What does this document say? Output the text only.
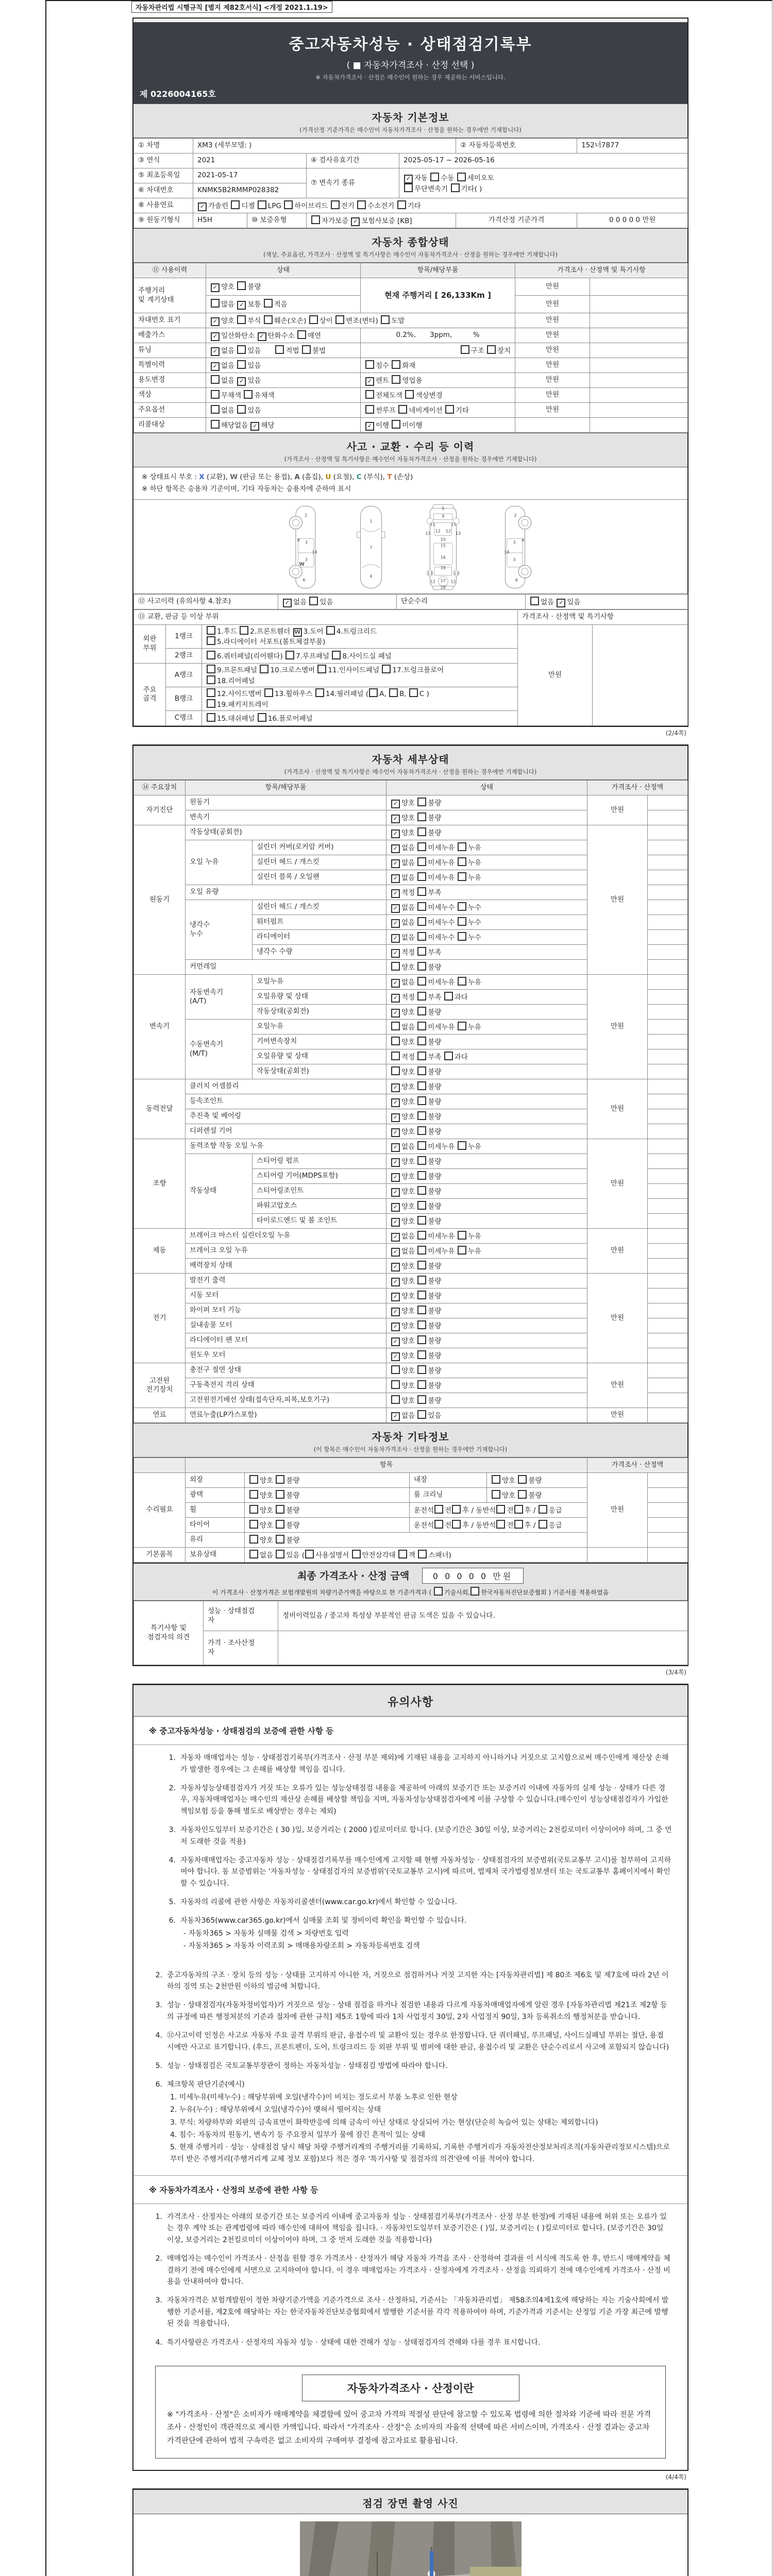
자동차관리법 시행규칙 [별지 제82호서식] <개정 2021.1.19>
중고자동차성능 · 상태점검기록부
( ■ 자동차가격조사 · 산정 선택 )
※ 자동차가격조사 · 산정은 매수인이 원하는 경우 제공하는 서비스입니다.
제 0226004165호
자동차 기본정보

(가격산정 기준가격은 매수인이 자동차가격조사 · 산정을 원하는 경우에만 기재합니다)

① 차명	XM3 (세부모델: )				② 자동차등록번호	152너7877
③ 연식	2021		④ 검사유효기간	2025-05-17 ~ 2026-05-16		
⑤ 최초등록일	2021-05-17		⑦ 변속기 종류	✓ 자동 수동 세미오토
무단변속기 기타( )		
⑥ 차대번호	KNMK5B2RMMP028382					
⑧ 사용연료	✓ 가솔린 디젤 LPG 하이브리드 전기 수소전기 기타					
⑨ 원동기형식	H5H	⑩ 보증유형	자가보증 ✓ 보험사보증 [KB]		가격산정 기준가격	0 0 0 0 0 만원
자동차 종합상태

(색상, 주요옵션, 가격조사 · 산정액 및 특기사항은 매수인이 자동차가격조사 · 산정을 원하는 경우에만 기재합니다)

⑪ 사용이력	상태	항목/해당부품	가격조사 · 산정액 및 특기사항	
주행거리
및 계기상태	✓ 양호 불량	현재 주행거리 [ 26,133Km ]	만원	
	많음 ✓ 보통 적음		만원	
차대번호 표기	✓ 양호 부식 훼손(오손) 상이 변조(변타) 도말		만원	
배출가스	✓ 일산화탄소 ✓ 탄화수소 매연	0.2%,　　3ppm,　　　%	만원	
튜닝	✓ 없음 있음　　적법 불법	구조 장치	만원	
특별이력	✓ 없음 있음	침수 화재	만원	
용도변경	없음 ✓ 있음	✓ 렌트 영업용	만원	
색상	무채색 유채색	전체도색 색상변경	만원	
주요옵션	없음 있음	썬루프 네비게이션 기타	만원	
리콜대상	해당없음 ✓ 해당	✓ 이행 미이행		
사고 · 교환 · 수리 등 이력

(가격조사 · 산정액 및 특기사항은 매수인이 자동차가격조사 · 산정을 원하는 경우에만 기재합니다)

※ 상태표시 부호 : X (교환), W (판금 또는 용접), A (흠집), U (요철), C (부식), T (손상)
※ 하단 항목은 승용차 기준이며, 기타 자동차는 승용차에 준하여 표시
2
8 3
14
3
6
W
1
7
4
5
9
11	11
13	13
12 12
10
15
16
19
13	13
12	12
17
18
2
8
3
14
3
6
⑫ 사고이력 (유의사항 4.참조)	✓ 없음 있음	단순수리	없음 ✓ 있음
⑬ 교환, 판금 등 이상 부위			가격조사 · 산정액 및 특기사항	
외판
부위	1랭크	1.후드 2.프론트휀더 W 3.도어 4.트렁크리드
5.라디에이터 서포트(볼트체결부품)	만원	
	2랭크	6.쿼터패널(리어휀다) 7.루프패널 8.사이드실 패널		
주요
골격	A랭크	9.프론트패널 10.크로스멤버 11.인사이드패널 17.트렁크플로어
18.리어패널		
	B랭크	12.사이드멤버 13.휠하우스 14.필러패널 ( A, B, C )
19.패키지트레이		
	C랭크	15.대쉬패널 16.플로어패널		
(2/4쪽)
자동차 세부상태

(가격조사 · 산정액 및 특기사항은 매수인이 자동차가격조사 · 산정을 원하는 경우에만 기재합니다)

⑭ 주요장치	항목/해당부품		상태	가격조사 · 산정액	
자기진단	원동기		✓ 양호 불량	만원	
	변속기		✓ 양호 불량		
원동기	작동상태(공회전)		✓ 양호 불량	만원	
	오일 누유	실린더 커버(로커암 커버)	✓ 없음 미세누유 누유		
		실린더 헤드 / 개스킷	✓ 없음 미세누유 누유		
		실린더 블록 / 오일팬	✓ 없음 미세누유 누유		
	오일 유량		✓ 적정 부족		
	냉각수
누수	실린더 헤드 / 개스킷	✓ 없음 미세누수 누수		
		워터펌프	✓ 없음 미세누수 누수		
		라디에이터	✓ 없음 미세누수 누수		
		냉각수 수량	✓ 적정 부족		
	커먼레일		양호 불량		
변속기	자동변속기
(A/T)	오일누유	✓ 없음 미세누유 누유	만원	
		오일유량 및 상태	✓ 적정 부족 과다		
		작동상태(공회전)	✓ 양호 불량		
	수동변속기
(M/T)	오일누유	없음 미세누유 누유		
		기어변속장치	양호 불량		
		오일유량 및 상태	적정 부족 과다		
		작동상태(공회전)	양호 불량		
동력전달	클러치 어셈블리		✓ 양호 불량	만원	
	등속조인트		✓ 양호 불량		
	추진축 및 베어링		✓ 양호 불량		
	디퍼렌셜 기어		✓ 양호 불량		
조향	동력조향 작동 오일 누유		✓ 없음 미세누유 누유	만원	
	작동상태	스티어링 펌프	✓ 양호 불량		
		스티어링 기어(MDPS포함)	✓ 양호 불량		
		스티어링조인트	✓ 양호 불량		
		파워고압호스	✓ 양호 불량		
		타이로드엔드 및 볼 조인트	✓ 양호 불량		
제동	브레이크 마스터 실린더오일 누유		✓ 없음 미세누유 누유	만원	
	브레이크 오일 누유		✓ 없음 미세누유 누유		
	배력장치 상태		✓ 양호 불량		
전기	발전기 출력		✓ 양호 불량	만원	
	시동 모터		✓ 양호 불량		
	와이퍼 모터 기능		✓ 양호 불량		
	실내송풍 모터		✓ 양호 불량		
	라디에이터 팬 모터		✓ 양호 불량		
	윈도우 모터		✓ 양호 불량		
고전원
전기장치	충전구 절연 상태		양호 불량	만원	
	구동축전지 격리 상태		양호 불량		
	고전원전기배선 상태(접속단자,피복,보호기구)		양호 불량		
연료	연료누출(LP가스포함)		✓ 없음 있음	만원	
자동차 기타정보

(이 항목은 매수인이 자동차가격조사 · 산정을 원하는 경우에만 기재합니다)

	항목				가격조사 · 산정액	
수리필요	외장	양호 불량	내장	양호 불량	만원	
	광택	양호 불량	룸 크리닝	양호 불량		
	휠	양호 불량	운전석 전 후 / 동반석 전 후 / 응급			
	타이어	양호 불량	운전석 전 후 / 동반석 전 후 / 응급			
	유리	양호 불량				
기본품목	보유상태	없음 있음 ( 사용설명서 안전삼각대 잭 스패너)				
최종 가격조사 · 산정 금액	0 0 0 0 0 만원
이 가격조사 · 산정가격은 보험개발원의 차량기준가액을 바탕으로 한 기준가격과 ( 기술사회, 한국자동차진단보증협회 ) 기준서를 적용하였음
특기사항 및
점검자의 의견	성능 · 상태점검
자	정비이력있음 / 중고차 특성상 부분적인 판금 도색은 있을 수 있습니다.
	가격 · 조사산정
자	
(3/4쪽)
유의사항
※ 중고자동차성능 · 상태점검의 보증에 관한 사항 등
1. 자동차 매매업자는 성능 · 상태점검기록부(가격조사 · 산정 부분 제외)에 기재된 내용을 고지하지 아니하거나 거짓으로 고지함으로써 매수인에게 재산상 손해가 발생한 경우에는 그 손해를 배상할 책임을 집니다.
2. 자동차성능상태점검자가 거짓 또는 오류가 있는 성능상태점검 내용을 제공하여 아래의 보증기간 또는 보증거리 이내에 자동차의 실제 성능 · 상태가 다른 경우, 자동차매매업자는 매수인의 재산상 손해를 배상할 책임을 지며, 자동차성능상태점검자에게 이를 구상할 수 있습니다.(매수인이 성능상태점검자가 가입한 책임보험 등을 통해 별도로 배상받는 경우는 제외)
3. 자동차인도일부터 보증기간은 ( 30 )일, 보증거리는 ( 2000 )킬로미터로 합니다. (보증기간은 30일 이상, 보증거리는 2천킬로미터 이상이어야 하며, 그 중 먼저 도래한 것을 적용)
4. 자동차매매업자는 중고자동차 성능 · 상태점검기록부를 매수인에게 고지할 때 현행 자동차성능 · 상태점검자의 보증범위(국토교통부 고시)를 첨부하여 고지하여야 합니다. 동 보증범위는 '자동차성능 · 상태점검자의 보증범위'(국토교통부 고시)에 따르며, 법제처 국가법령정보센터 또는 국토교통부 홈페이지에서 확인할 수 있습니다.
5. 자동차의 리콜에 관한 사항은 자동차리콜센터(www.car.go.kr)에서 확인할 수 있습니다.
6. 자동차365(www.car365.go.kr)에서 실매물 조회 및 정비이력 확인을 확인할 수 있습니다.
- 자동차365 > 자동차 실매물 검색 > 차량번호 입력
- 자동차365 > 자동차 이력조회 > 매매용차량조회 > 자동차등록번호 검색
2. 중고자동차의 구조 · 장치 등의 성능 · 상태를 고지하지 아니한 자, 거짓으로 점검하거나 거짓 고지한 자는 [자동차관리법] 제 80조 제6호 및 제7호에 따라 2년 이하의 징역 또는 2천만원 이하의 벌금에 처합니다.
3. 성능 · 상태점검자(자동차정비업자)가 거짓으로 성능 · 상태 점검을 하거나 점검한 내용과 다르게 자동차매매업자에게 알린 경우 [자동차관리법 제21조 제2항 등의 규정에 따른 행정처분의 기준과 절차에 관한 규칙] 제5조 1항에 따라 1차 사업정지 30일, 2차 사업정지 90일, 3차 등록취소의 행정처분을 받습니다.
4. ⑫사고이력 인정은 사고로 자동차 주요 골격 부위의 판금, 용접수리 및 교환이 있는 경우로 한정합니다. 단 쿼터패널, 루프패널, 사이드실패널 부위는 절단, 용접 시에만 사고로 표기합니다. (후드, 프론트펜더, 도어, 트렁크리드 등 외판 부위 및 범퍼에 대한 판금, 용접수리 및 교환은 단순수리로서 사고에 포함되지 않습니다)
5. 성능 · 상태점검은 국토교통부장관이 정하는 자동차성능 · 상태점검 방법에 따라야 합니다.
6. 체크항목 판단기준(예시)
1. 미세누유(미세누수) : 해당부위에 오일(냉각수)이 비치는 정도로서 부품 노후로 인한 현상
2. 누유(누수) : 해당부위에서 오일(냉각수)이 맺혀서 떨어지는 상태
3. 부식: 차량하부와 외판의 금속표면이 화학반응에 의해 금속이 아닌 상태로 상실되어 가는 현상(단순히 녹슬어 있는 상태는 제외합니다)
4. 침수: 자동차의 원동기, 변속기 등 주요장치 일부가 물에 잠긴 흔적이 있는 상태
5. 현재 주행거리 · 성능 · 상태점검 당시 해당 차량 주행거리계의 주행거리를 기록하되, 기록한 주행거리가 자동차전산정보처리조직(자동차관리정보시스템)으로부터 받은 주행거리(주행거리계 교체 정보 포함)보다 적은 경우 '특기사항 및 점검자의 의견'란에 이를 적어야 합니다.
※ 자동차가격조사 · 산정의 보증에 관한 사항 등
1. 가격조사 · 산정자는 아래의 보증기간 또는 보증거리 이내에 중고자동차 성능 · 상태점검기록부(가격조사 · 산정 부분 한정)에 기재된 내용에 허위 또는 오류가 있는 경우 계약 또는 관계법령에 따라 매수인에 대하여 책임을 집니다. · 자동차인도일부터 보증기간은 ( )일, 보증거리는 ( )킬로미터로 합니다. (보증기간은 30일 이상, 보증거리는 2천킬로미터 이상이어야 하며, 그 중 먼저 도래한 것을 적용합니다)
2. 매매업자는 매수인이 가격조사 · 산정을 원할 경우 가격조사 · 산정자가 해당 자동차 가격을 조사 · 산정하여 결과를 이 서식에 적도록 한 후, 반드시 매매계약을 체결하기 전에 매수인에게 서면으로 고지하여야 합니다. 이 경우 매매업자는 가격조사 · 산정자에게 가격조사 · 산정을 의뢰하기 전에 매수인에게 가격조사 · 산정 비용을 안내하여야 합니다.
3. 자동차가격은 보험개발원이 정한 차량기준가액을 기준가격으로 조사 · 산정하되, 기준서는 「자동차관리법」 제58조의4제1호에 해당하는 자는 기술사회에서 발행한 기준서를, 제2호에 해당하는 자는 한국자동차진단보증협회에서 발행한 기준서를 각각 적용하여야 하며, 기준가격과 기준서는 산정일 기준 가장 최근에 발행된 것을 적용합니다.
4. 특기사항란은 가격조사 · 산정자의 자동차 성능 · 상태에 대한 견해가 성능 · 상태점검자의 견해와 다를 경우 표시합니다.
자동차가격조사 · 산정이란
※ "가격조사 · 산정"은 소비자가 매매계약을 체결함에 있어 중고차 가격의 적절성 판단에 참고할 수 있도록 법령에 의한 절차와 기준에 따라 전문 가격조사 · 산정인이 객관적으로 제시한 가액입니다. 따라서 "가격조사 · 산정"은 소비자의 자율적 선택에 따른 서비스이며, 가격조사 · 산정 결과는 중고차 가격판단에 관하여 법적 구속력은 없고 소비자의 구매여부 결정에 참고자료로 활용됩니다.
(4/4쪽)
점검 장면 촬영 사진
